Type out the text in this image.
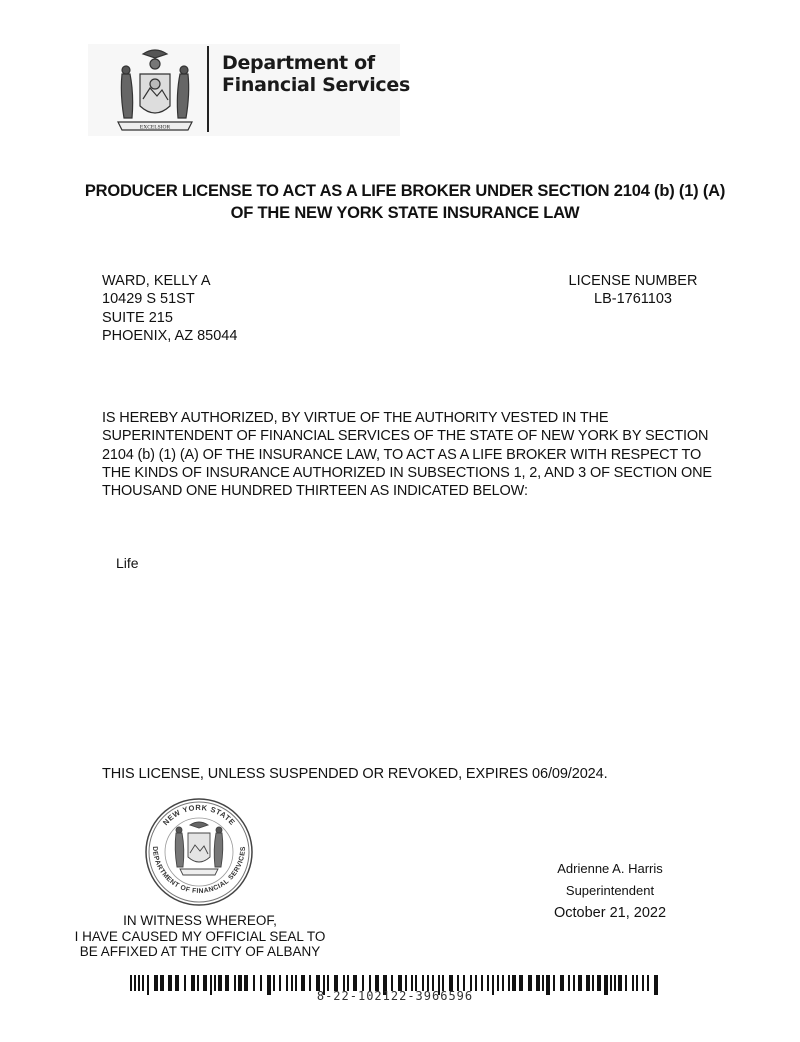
EXCELSIOR
Department of
Financial Services
PRODUCER LICENSE TO ACT AS A LIFE BROKER UNDER SECTION 2104 (b) (1) (A)
OF THE NEW YORK STATE INSURANCE LAW
WARD, KELLY A
10429 S 51ST
SUITE 215
PHOENIX, AZ 85044
LICENSE NUMBER
LB-1761103
IS HEREBY AUTHORIZED, BY VIRTUE OF THE AUTHORITY VESTED IN THE
SUPERINTENDENT OF FINANCIAL SERVICES OF THE STATE OF NEW YORK BY SECTION
2104 (b) (1) (A) OF THE INSURANCE LAW, TO ACT AS A LIFE BROKER WITH RESPECT TO
THE KINDS OF INSURANCE AUTHORIZED IN SUBSECTIONS 1, 2, AND 3 OF SECTION ONE
THOUSAND ONE HUNDRED THIRTEEN AS INDICATED BELOW:
Life
THIS LICENSE, UNLESS SUSPENDED OR REVOKED, EXPIRES 06/09/2024.
NEW YORK STATE
DEPARTMENT OF FINANCIAL SERVICES
IN WITNESS WHEREOF,
I HAVE CAUSED MY OFFICIAL SEAL TO
BE AFFIXED AT THE CITY OF ALBANY
Adrienne A. Harris
Superintendent
October 21, 2022
8-22-102122-3966596
